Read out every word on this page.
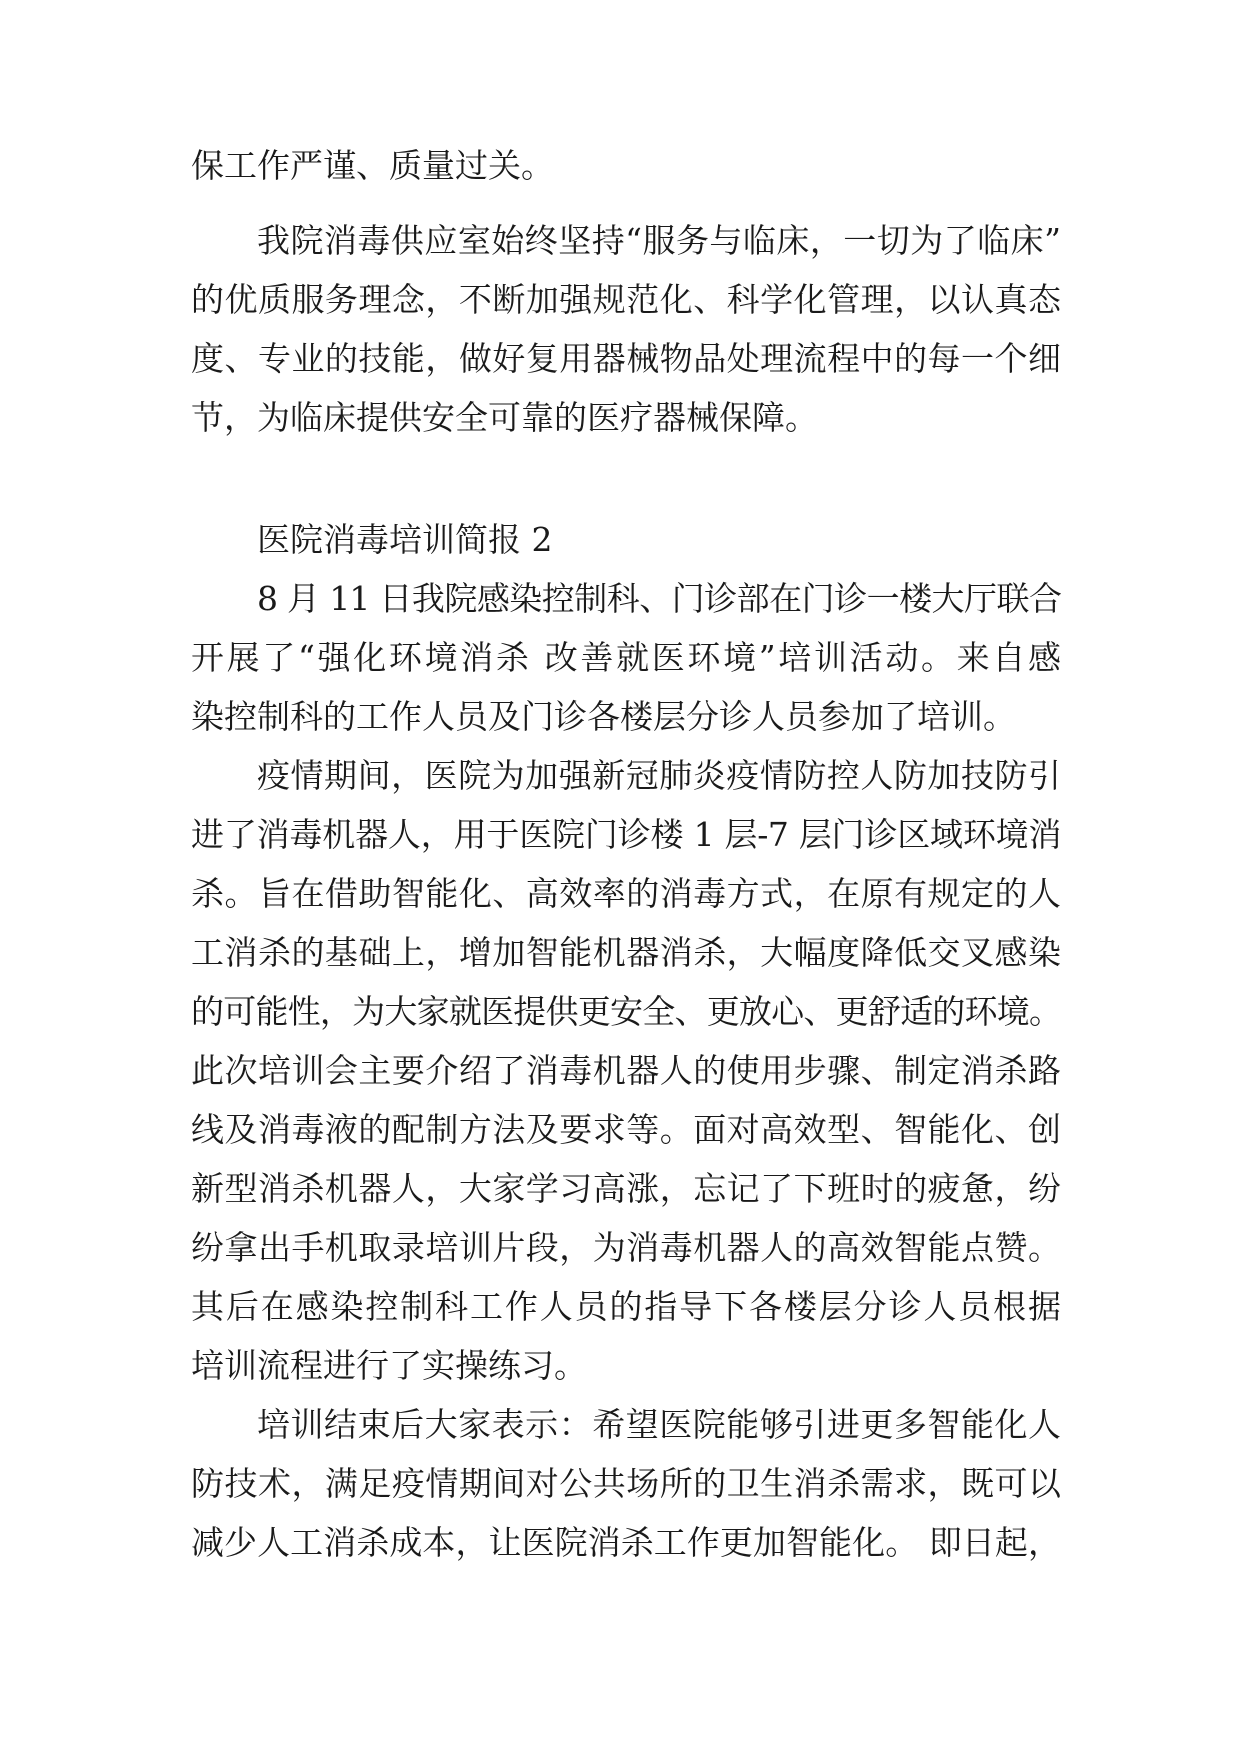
保工作严谨、质量过关。
我院消毒供应室始终坚持“服务与临床，一切为了临床”
的优质服务理念，不断加强规范化、科学化管理，以认真态
度、专业的技能，做好复用器械物品处理流程中的每一个细
节，为临床提供安全可靠的医疗器械保障。
医院消毒培训简报 2
8 月 11 日我院感染控制科、门诊部在门诊一楼大厅联合
开展了“强化环境消杀 改善就医环境”培训活动。来自感
染控制科的工作人员及门诊各楼层分诊人员参加了培训。
疫情期间，医院为加强新冠肺炎疫情防控人防加技防引
进了消毒机器人，用于医院门诊楼 1 层-7 层门诊区域环境消
杀。旨在借助智能化、高效率的消毒方式，在原有规定的人
工消杀的基础上，增加智能机器消杀，大幅度降低交叉感染
的可能性，为大家就医提供更安全、更放心、更舒适的环境。
此次培训会主要介绍了消毒机器人的使用步骤、制定消杀路
线及消毒液的配制方法及要求等。面对高效型、智能化、创
新型消杀机器人，大家学习高涨，忘记了下班时的疲惫，纷
纷拿出手机取录培训片段，为消毒机器人的高效智能点赞。
其后在感染控制科工作人员的指导下各楼层分诊人员根据
培训流程进行了实操练习。
培训结束后大家表示：希望医院能够引进更多智能化人
防技术，满足疫情期间对公共场所的卫生消杀需求，既可以
减少人工消杀成本，让医院消杀工作更加智能化。 即日起，
